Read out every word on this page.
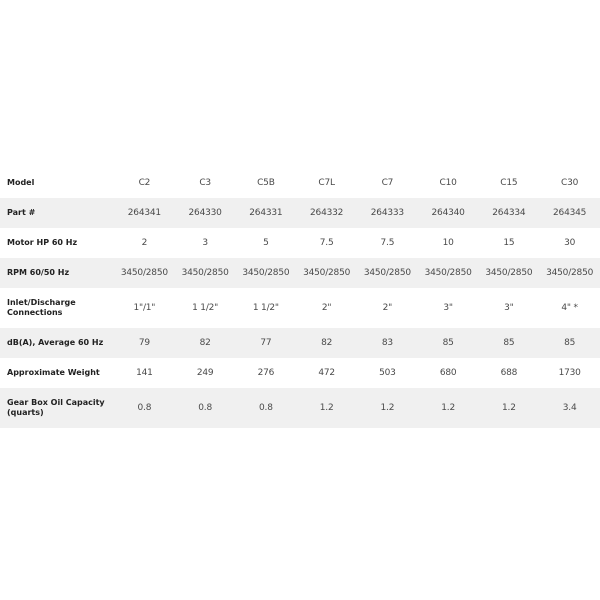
Model	C2	C3	C5B	C7L	C7	C10	C15	C30
Part #	264341	264330	264331	264332	264333	264340	264334	264345
Motor HP 60 Hz	2	3	5	7.5	7.5	10	15	30
RPM 60/50 Hz	3450/2850	3450/2850	3450/2850	3450/2850	3450/2850	3450/2850	3450/2850	3450/2850
Inlet/Discharge Connections	1"/1"	1 1/2"	1 1/2"	2"	2"	3"	3"	4" *
dB(A), Average 60 Hz	79	82	77	82	83	85	85	85
Approximate Weight	141	249	276	472	503	680	688	1730
Gear Box Oil Capacity (quarts)	0.8	0.8	0.8	1.2	1.2	1.2	1.2	3.4
